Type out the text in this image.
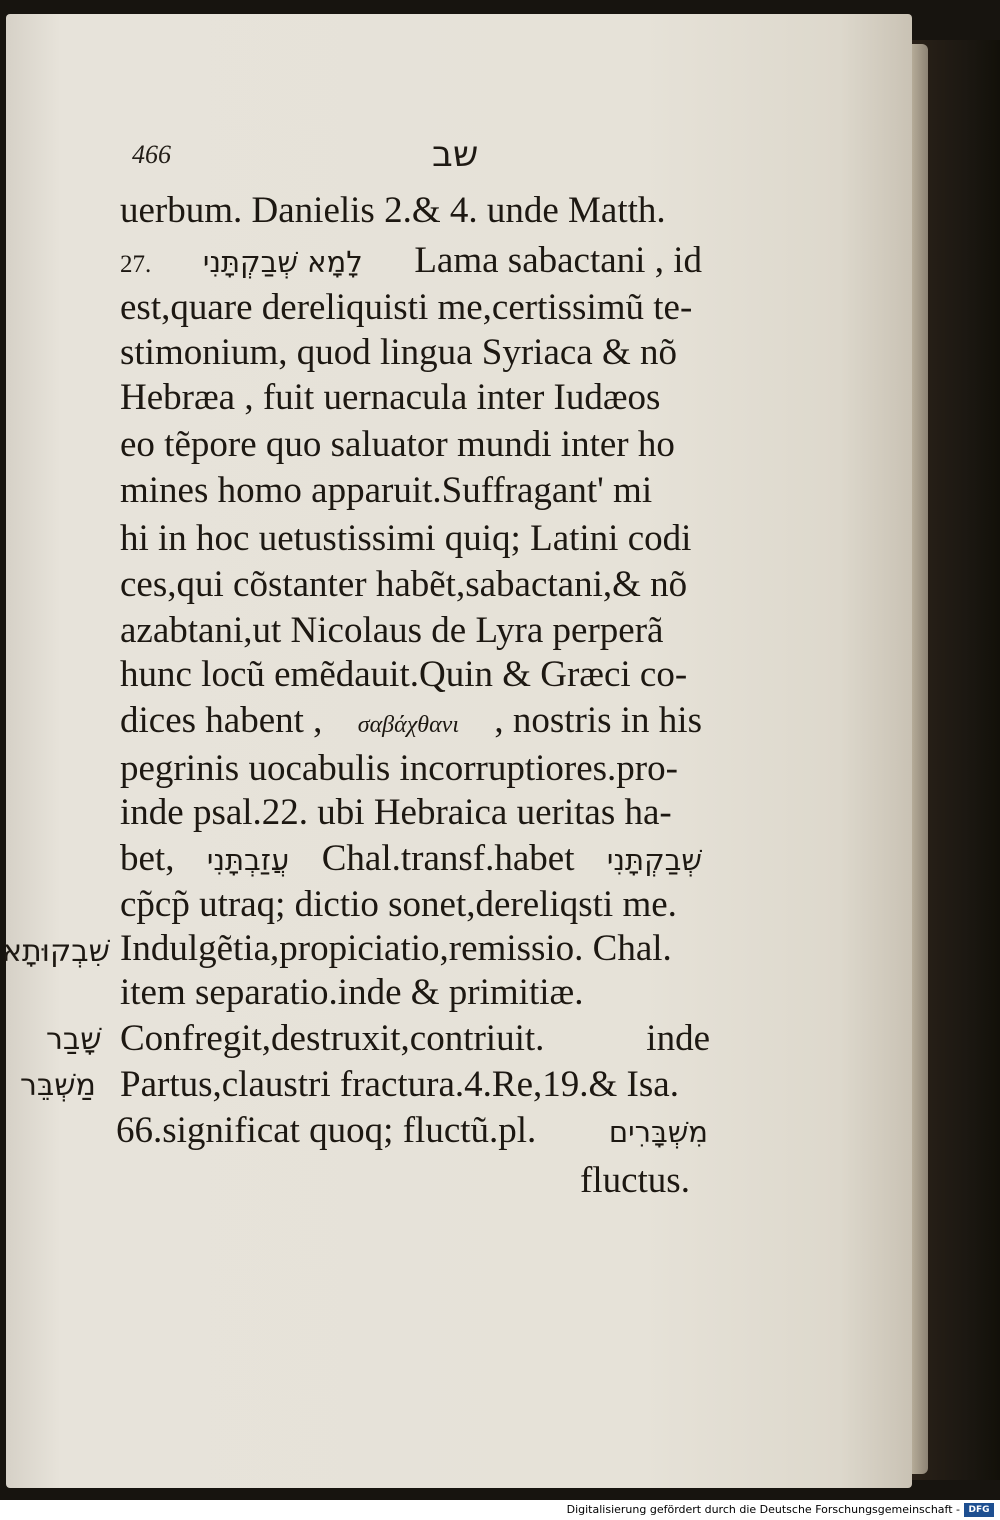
466	שב
uerbum. Danielis 2.& 4. unde Matth.
27. לָמָא שְׁבַקְתָּנִי Lama sabactani , id
est,quare dereliquisti me,certissimũ te-
stimonium, quod lingua Syriaca & nõ
Hebræa , fuit uernacula inter Iudæos
eo tẽpore quo saluator mundi inter ho
mines homo apparuit.Suffragant' mi
hi in hoc uetustissimi quiq; Latini codi
ces,qui cõstanter habẽt,sabactani,& nõ
azabtani,ut Nicolaus de Lyra perperã
hunc locũ emẽdauit.Quin & Græci co-
dices habent , σαβάχθανι , nostris in his
pegrinis uocabulis incorruptiores.pro-
inde psal.22. ubi Hebraica ueritas ha-
bet, עֲזַבְתָּנִי Chal.transf.habet שְׁבַקְתָּנִי
cp̃cp̃ utraq; dictio sonet,dereliqsti me.
Indulgẽtia,propiciatio,remissio. Chal.
item separatio.inde & primitiæ.
Confregit,destruxit,contriuit.	inde
Partus,claustri fractura.4.Re,19.& Isa.
66.significat quoq; fluctũ.pl.	מִשְׁבָּרִים
fluctus.
שִׁבְקוּתָא
שָׁבַר
מַשְׁבֵּר
Digitalisierung gefördert durch die Deutsche Forschungsgemeinschaft - DFG
